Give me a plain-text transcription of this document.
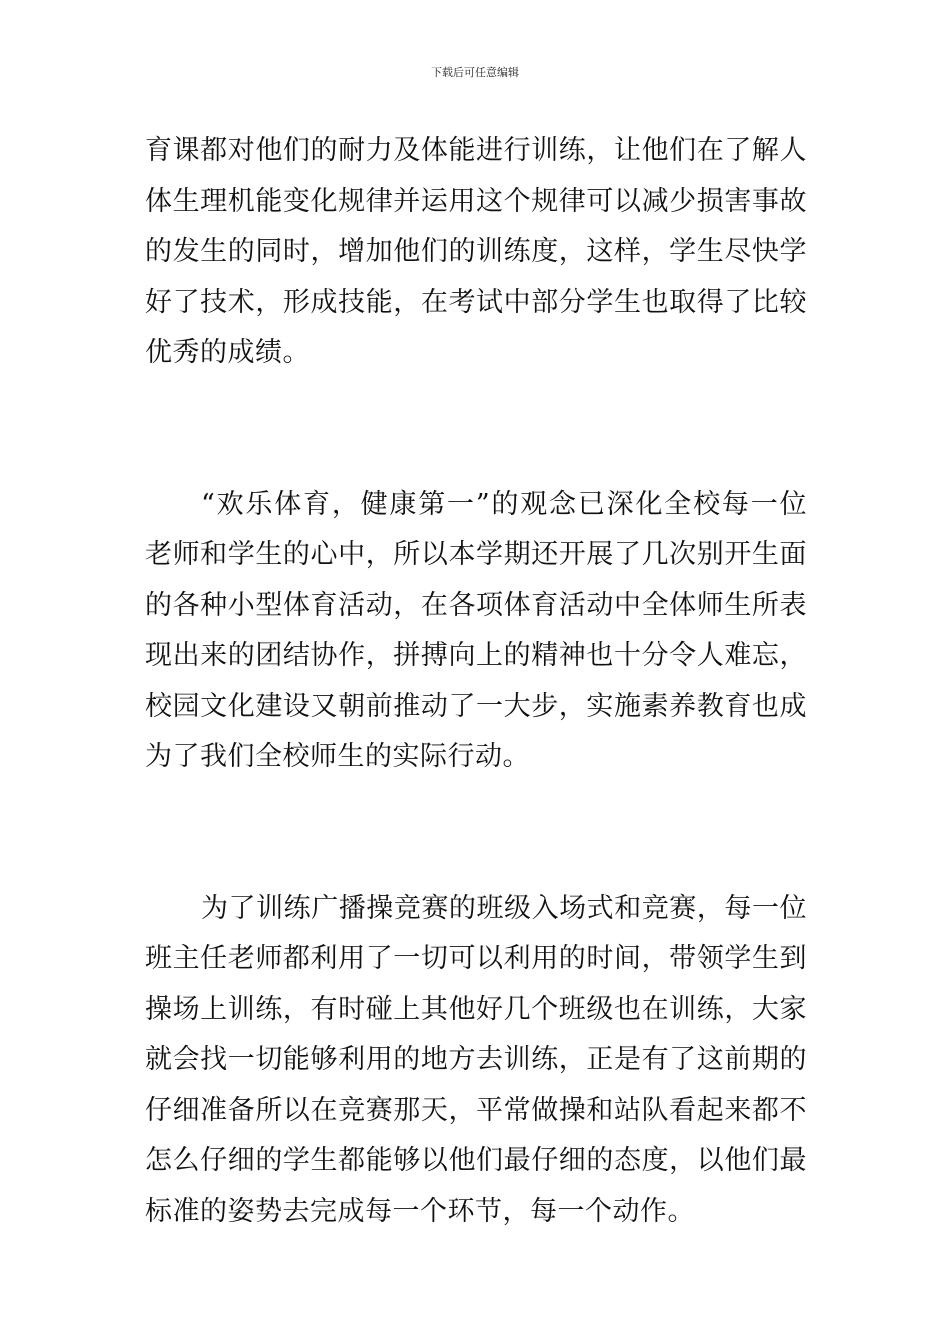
下载后可任意编辑

育课都对他们的耐力及体能进行训练，让他们在了解人体生理机能变化规律并运用这个规律可以减少损害事故的发生的同时，增加他们的训练度，这样，学生尽快学好了技术，形成技能，在考试中部分学生也取得了比较优秀的成绩。

“欢乐体育，健康第一”的观念已深化全校每一位老师和学生的心中，所以本学期还开展了几次别开生面的各种小型体育活动，在各项体育活动中全体师生所表现出来的团结协作，拼搏向上的精神也十分令人难忘，校园文化建设又朝前推动了一大步，实施素养教育也成为了我们全校师生的实际行动。

为了训练广播操竞赛的班级入场式和竞赛，每一位班主任老师都利用了一切可以利用的时间，带领学生到操场上训练，有时碰上其他好几个班级也在训练，大家就会找一切能够利用的地方去训练，正是有了这前期的仔细准备所以在竞赛那天，平常做操和站队看起来都不怎么仔细的学生都能够以他们最仔细的态度，以他们最标准的姿势去完成每一个环节，每一个动作。
